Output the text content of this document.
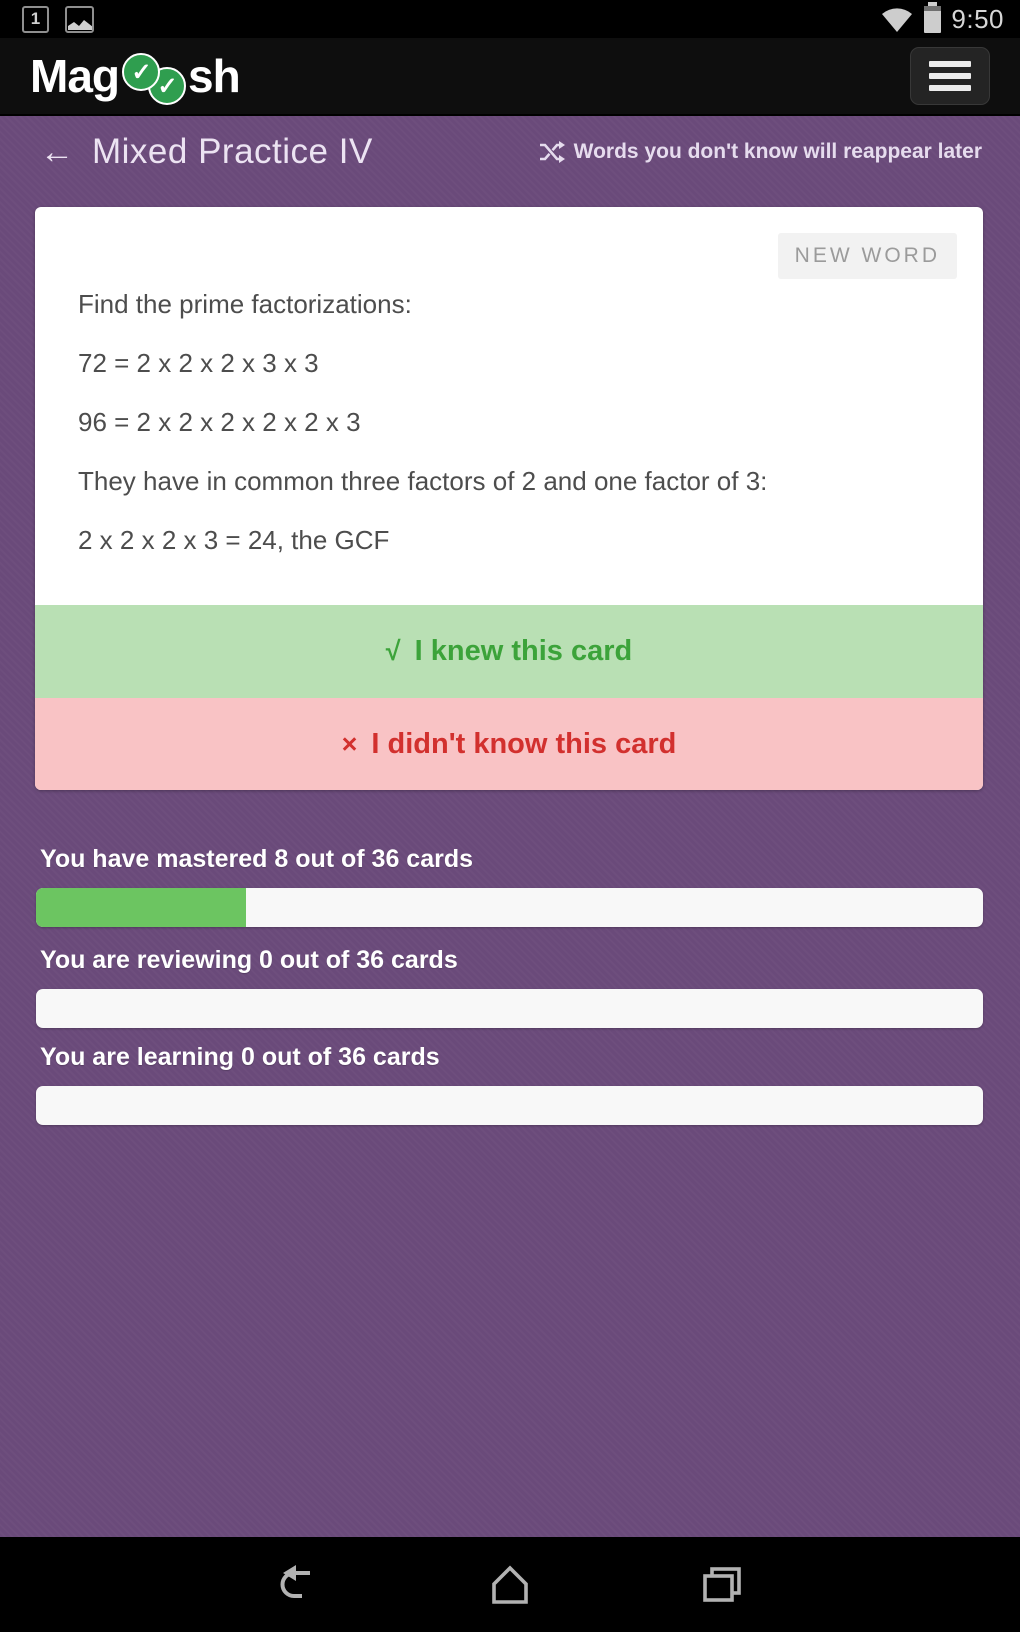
1	9:50
Mag ✓
✓ sh
← Mixed Practice IV	Words you don't know will reappear later
NEW WORD

Find the prime factorizations:

72 = 2 x 2 x 2 x 3 x 3

96 = 2 x 2 x 2 x 2 x 2 x 3

They have in common three factors of 2 and one factor of 3:

2 x 2 x 2 x 3 = 24, the GCF

√ I knew this card
× I didn't know this card
You have mastered 8 out of 36 cards
You are reviewing 0 out of 36 cards
You are learning 0 out of 36 cards
